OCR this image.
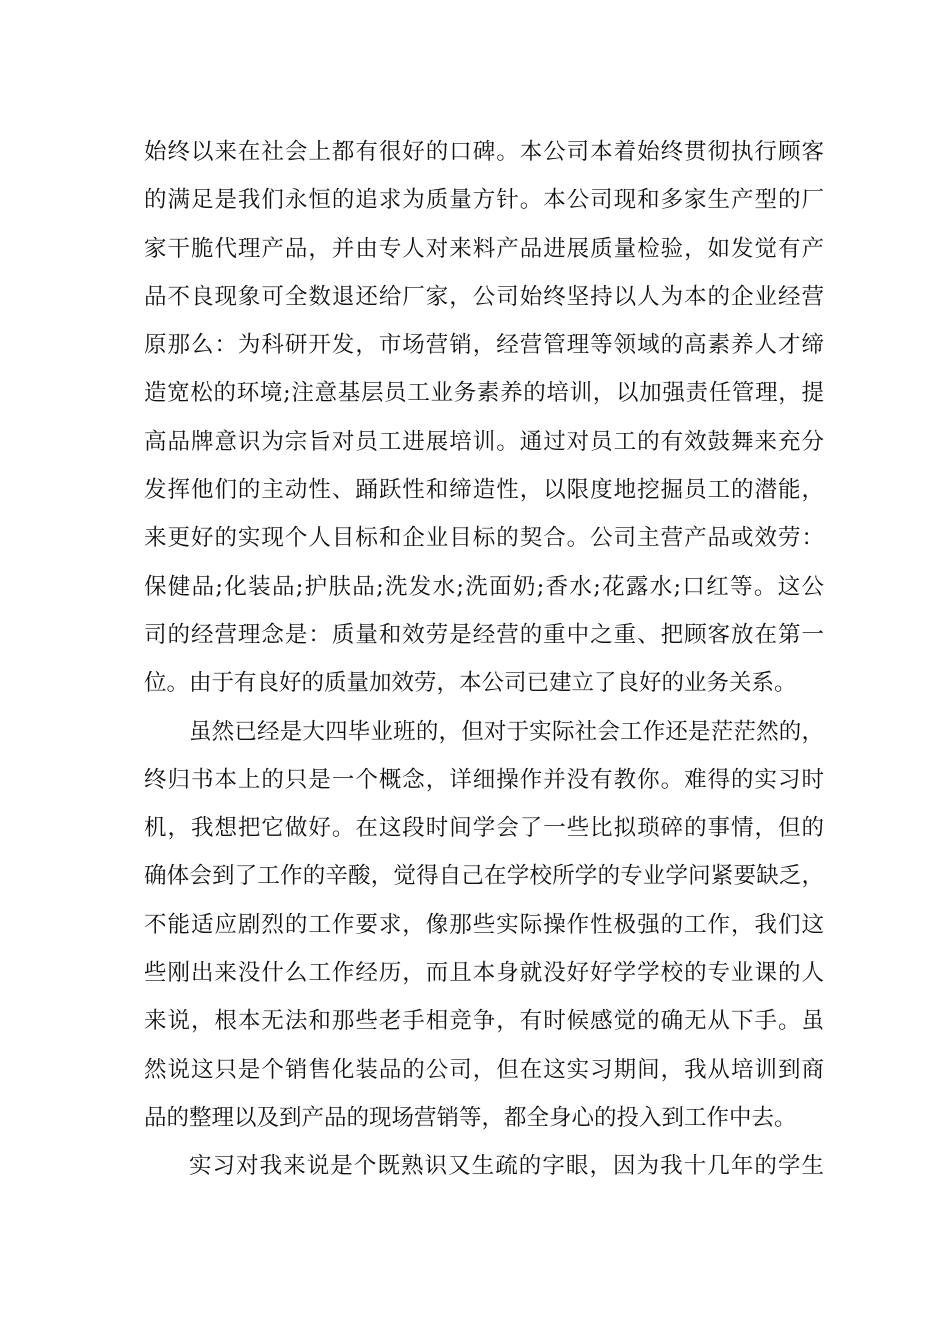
始终以来在社会上都有很好的口碑。本公司本着始终贯彻执行顾客
的满足是我们永恒的追求为质量方针。本公司现和多家生产型的厂
家干脆代理产品，并由专人对来料产品进展质量检验，如发觉有产
品不良现象可全数退还给厂家，公司始终坚持以人为本的企业经营
原那么：为科研开发，市场营销，经营管理等领域的高素养人才缔
造宽松的环境;注意基层员工业务素养的培训，以加强责任管理，提
高品牌意识为宗旨对员工进展培训。通过对员工的有效鼓舞来充分
发挥他们的主动性、踊跃性和缔造性，以限度地挖掘员工的潜能，
来更好的实现个人目标和企业目标的契合。公司主营产品或效劳：
保健品;化装品;护肤品;洗发水;洗面奶;香水;花露水;口红等。这公
司的经营理念是：质量和效劳是经营的重中之重、把顾客放在第一
位。由于有良好的质量加效劳，本公司已建立了良好的业务关系。
虽然已经是大四毕业班的，但对于实际社会工作还是茫茫然的，
终归书本上的只是一个概念，详细操作并没有教你。难得的实习时
机，我想把它做好。在这段时间学会了一些比拟琐碎的事情，但的
确体会到了工作的辛酸，觉得自己在学校所学的专业学问紧要缺乏，
不能适应剧烈的工作要求，像那些实际操作性极强的工作，我们这
些刚出来没什么工作经历，而且本身就没好好学学校的专业课的人
来说，根本无法和那些老手相竞争，有时候感觉的确无从下手。虽
然说这只是个销售化装品的公司，但在这实习期间，我从培训到商
品的整理以及到产品的现场营销等，都全身心的投入到工作中去。
实习对我来说是个既熟识又生疏的字眼，因为我十几年的学生
